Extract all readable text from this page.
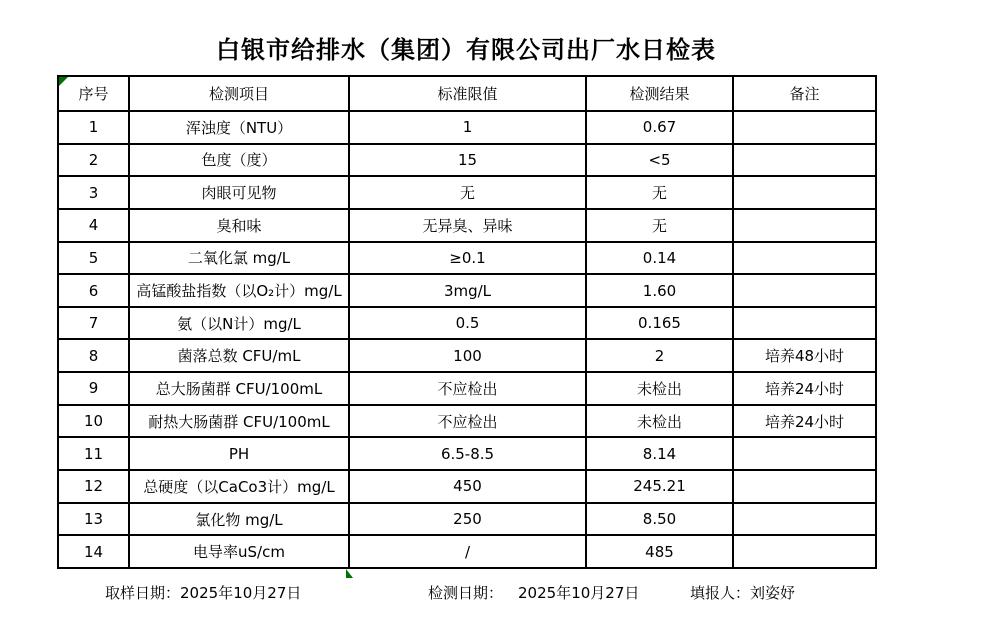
白银市给排水（集团）有限公司出厂水日检表
序号	检测项目	标准限值	检测结果	备注
1	浑浊度（NTU）	1	0.67	
2	色度（度）	15	<5	
3	肉眼可见物	无	无	
4	臭和味	无异臭、异味	无	
5	二氧化氯 mg/L	≥0.1	0.14	
6	高锰酸盐指数（以O₂计）mg/L	3mg/L	1.60	
7	氨（以N计）mg/L	0.5	0.165	
8	菌落总数 CFU/mL	100	2	培养48小时
9	总大肠菌群 CFU/100mL	不应检出	未检出	培养24小时
10	耐热大肠菌群 CFU/100mL	不应检出	未检出	培养24小时
11	PH	6.5-8.5	8.14	
12	总硬度（以CaCo3计）mg/L	450	245.21	
13	氯化物 mg/L	250	8.50	
14	电导率uS/cm	/	485	
取样日期：2025年10月27日	检测日期： 2025年10月27日	填报人：刘姿妤
